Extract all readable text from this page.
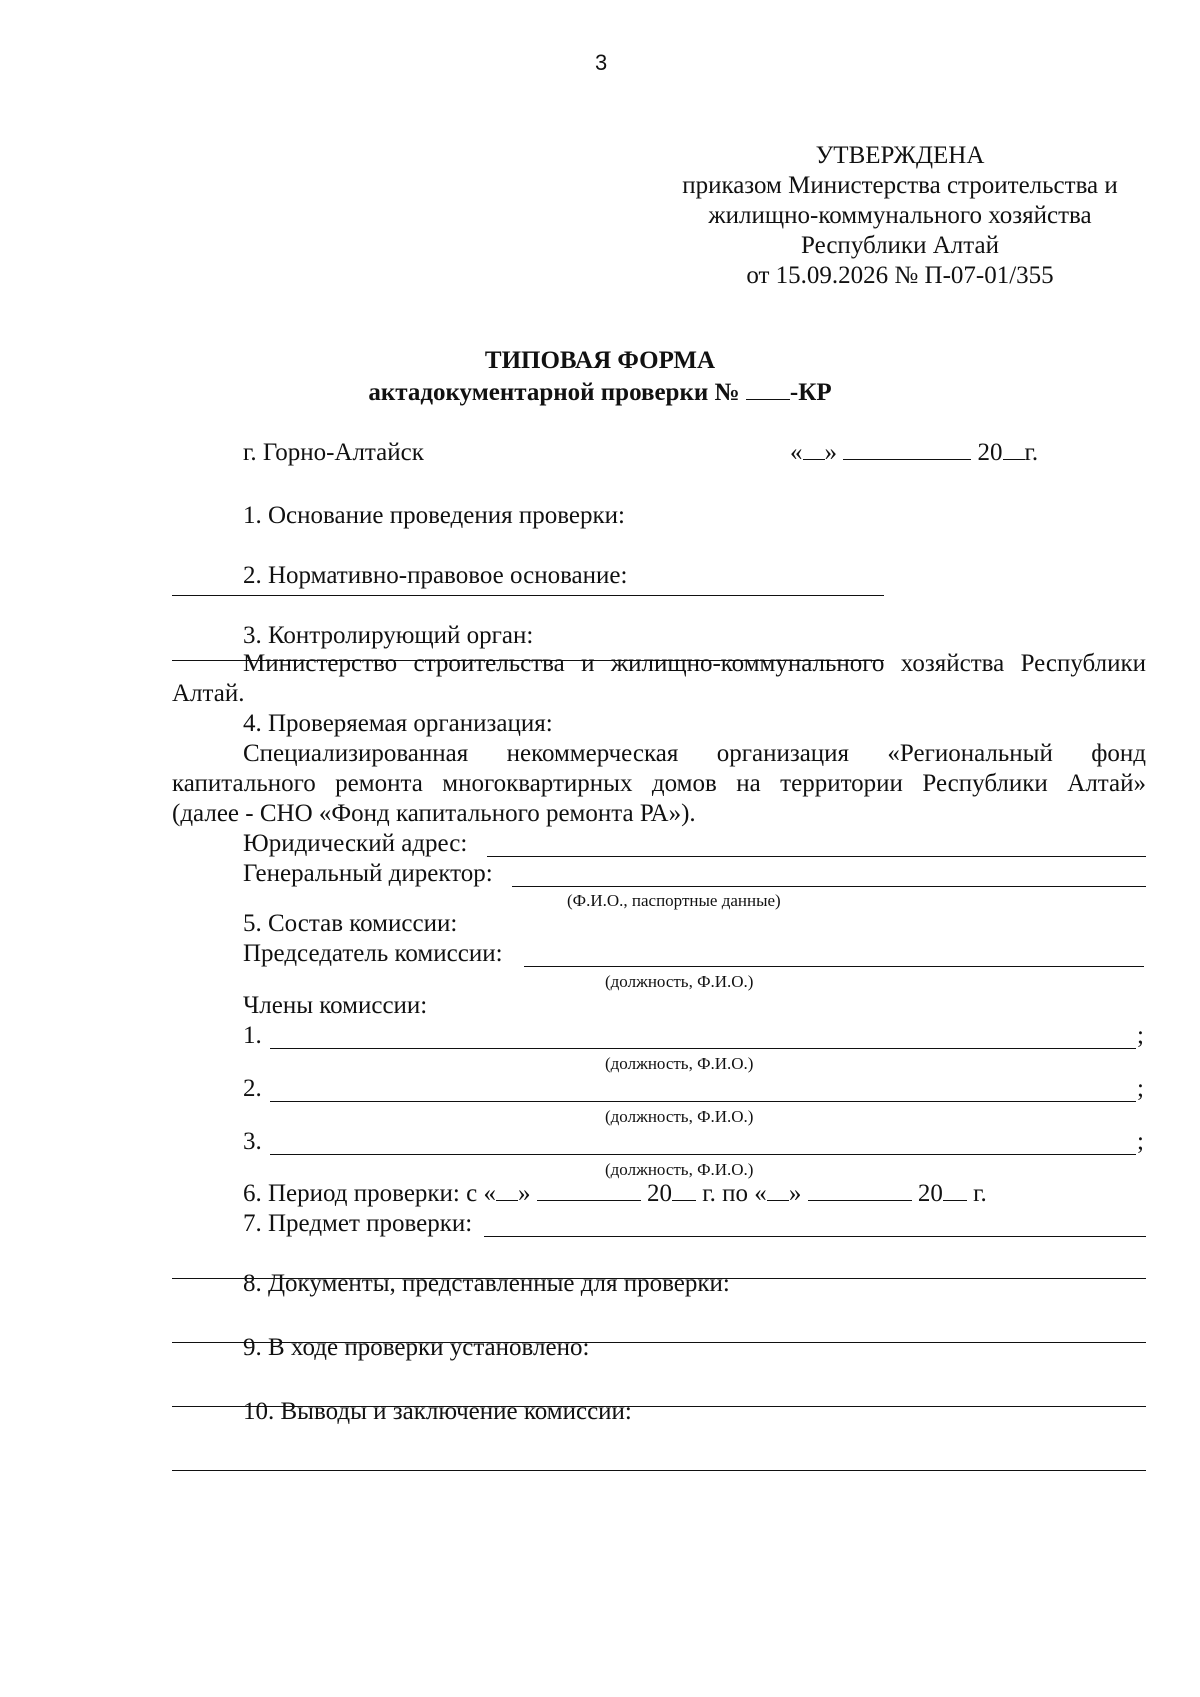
3
УТВЕРЖДЕНА
приказом Министерства строительства и
жилищно-коммунального хозяйства
Республики Алтай
от 15.09.2026 № П-07-01/355
ТИПОВАЯ ФОРМА
актадокументарной проверки № -КР
г. Горно-Алтайск	« »	20 г.
1. Основание проведения проверки:
2. Нормативно-правовое основание:
3. Контролирующий орган:
Министерство строительства и жилищно-коммунального хозяйства Республики
Алтай.
4. Проверяемая организация:
Специализированная некоммерческая организация «Региональный фонд
капитального ремонта многоквартирных домов на территории Республики Алтай»
(далее - СНО «Фонд капитального ремонта РА»).
Юридический адрес:
Генеральный директор:
(Ф.И.О., паспортные данные)
5. Состав комиссии:
Председатель комиссии:
(должность, Ф.И.О.)
Члены комиссии:
1.	;
(должность, Ф.И.О.)
2.	;
(должность, Ф.И.О.)
3.	;
(должность, Ф.И.О.)
6. Период проверки: с « »	20 г. по « »	20 г.
7. Предмет проверки:
8. Документы, представленные для проверки:
9. В ходе проверки установлено:
10. Выводы и заключение комиссии:
